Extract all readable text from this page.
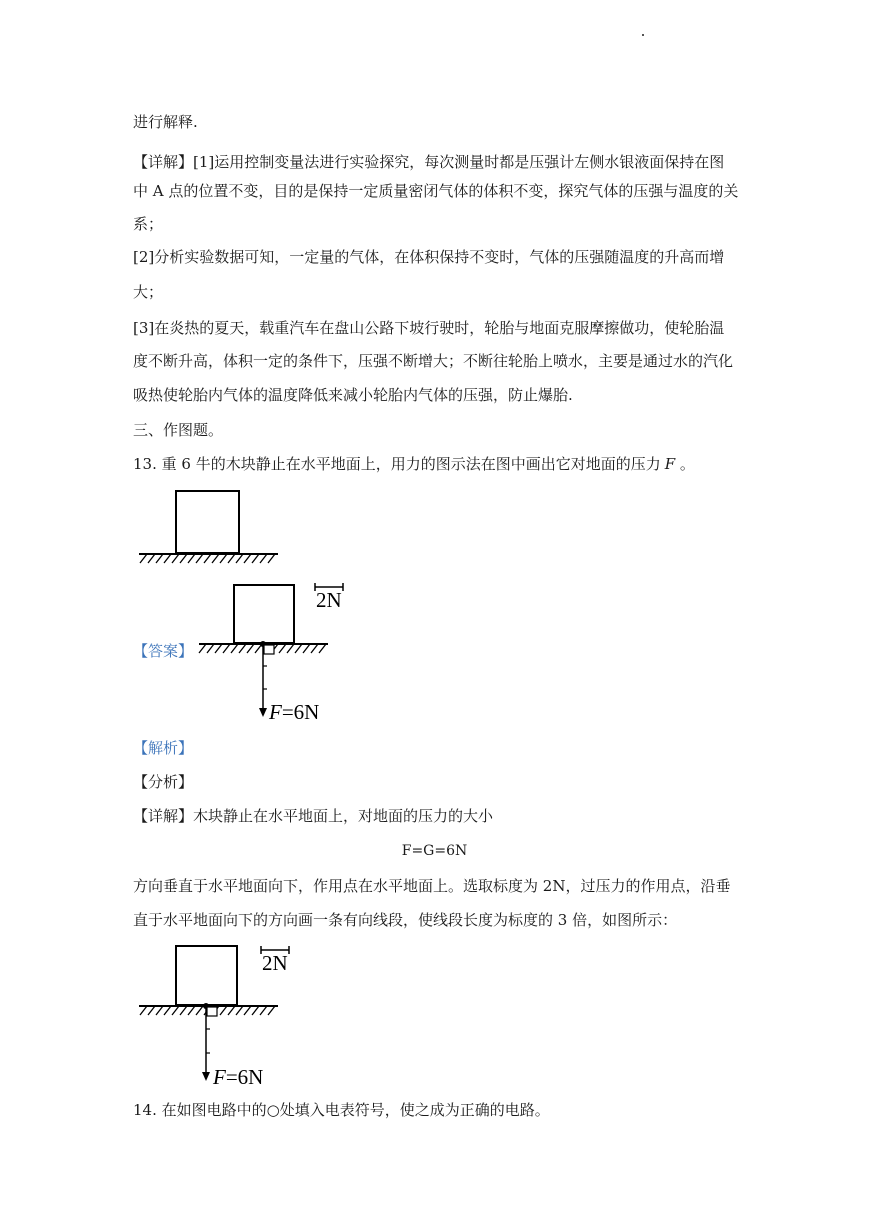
进行解释.
【详解】[1]运用控制变量法进行实验探究，每次测量时都是压强计左侧水银液面保持在图
中 A 点的位置不变，目的是保持一定质量密闭气体的体积不变，探究气体的压强与温度的关
系；
[2]分析实验数据可知，一定量的气体，在体积保持不变时，气体的压强随温度的升高而增
大；
[3]在炎热的夏天，载重汽车在盘山公路下坡行驶时，轮胎与地面克服摩擦做功，使轮胎温
度不断升高，体积一定的条件下，压强不断增大；不断往轮胎上喷水，主要是通过水的汽化
吸热使轮胎内气体的温度降低来减小轮胎内气体的压强，防止爆胎.
三、作图题。
13. 重 6 牛的木块静止在水平地面上，用力的图示法在图中画出它对地面的压力 F 。
【答案】
2N
F=6N
【解析】
【分析】
【详解】木块静止在水平地面上，对地面的压力的大小
F=G=6N
方向垂直于水平地面向下，作用点在水平地面上。选取标度为 2N，过压力的作用点，沿垂
直于水平地面向下的方向画一条有向线段，使线段长度为标度的 3 倍，如图所示：
2N
F=6N
14. 在如图电路中的○处填入电表符号，使之成为正确的电路。
